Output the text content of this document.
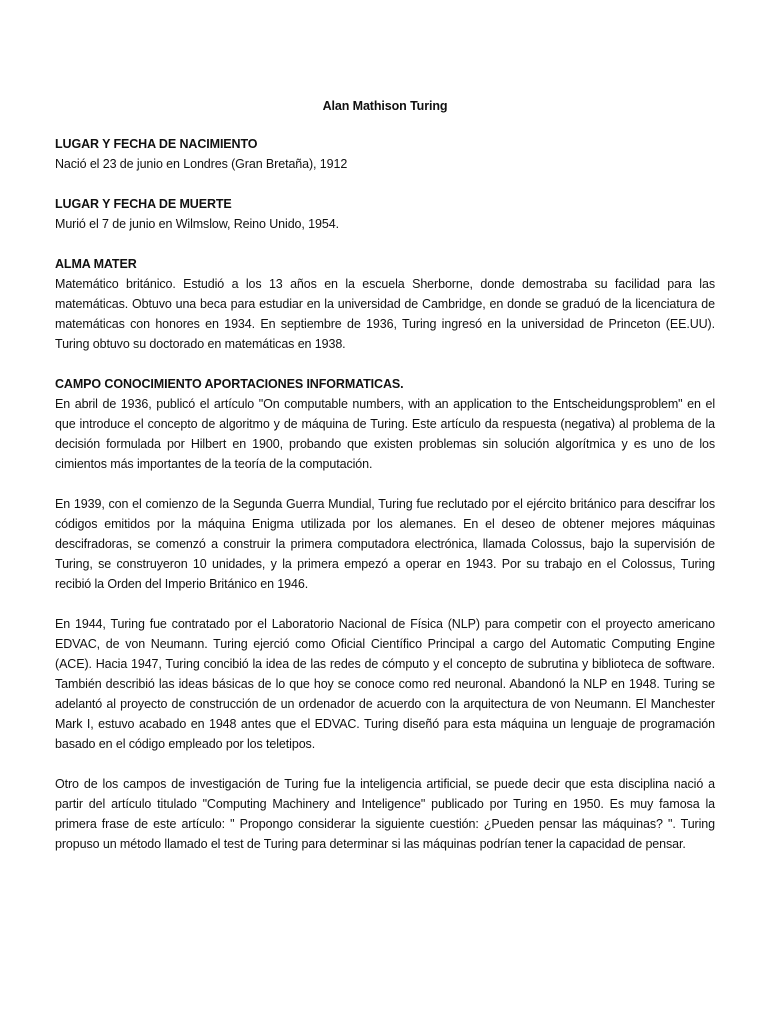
Alan Mathison Turing
LUGAR Y FECHA DE NACIMIENTO
Nació el 23 de junio en Londres (Gran Bretaña), 1912
LUGAR Y FECHA DE MUERTE
Murió el 7 de junio en Wilmslow, Reino Unido, 1954.
ALMA MATER
Matemático británico. Estudió a los 13 años en la escuela Sherborne, donde demostraba su facilidad para las matemáticas. Obtuvo una beca para estudiar en la universidad de Cambridge, en donde se graduó de la licenciatura de matemáticas con honores en 1934. En septiembre de 1936, Turing ingresó en la universidad de Princeton (EE.UU). Turing obtuvo su doctorado en matemáticas en 1938.
CAMPO CONOCIMIENTO APORTACIONES INFORMATICAS.
En abril de 1936, publicó el artículo "On computable numbers, with an application to the Entscheidungsproblem" en el que introduce el concepto de algoritmo y de máquina de Turing. Este artículo da respuesta (negativa) al problema de la decisión formulada por Hilbert en 1900, probando que existen problemas sin solución algorítmica y es uno de los cimientos más importantes de la teoría de la computación.
En 1939, con el comienzo de la Segunda Guerra Mundial, Turing fue reclutado por el ejército británico para descifrar los códigos emitidos por la máquina Enigma utilizada por los alemanes. En el deseo de obtener mejores máquinas descifradoras, se comenzó a construir la primera computadora electrónica, llamada Colossus, bajo la supervisión de Turing, se construyeron 10 unidades, y la primera empezó a operar en 1943. Por su trabajo en el Colossus, Turing recibió la Orden del Imperio Británico en 1946.
En 1944, Turing fue contratado por el Laboratorio Nacional de Física (NLP) para competir con el proyecto americano EDVAC, de von Neumann. Turing ejerció como Oficial Científico Principal a cargo del Automatic Computing Engine (ACE). Hacia 1947, Turing concibió la idea de las redes de cómputo y el concepto de subrutina y biblioteca de software. También describió las ideas básicas de lo que hoy se conoce como red neuronal. Abandonó la NLP en 1948. Turing se adelantó al proyecto de construcción de un ordenador de acuerdo con la arquitectura de von Neumann. El Manchester Mark I, estuvo acabado en 1948 antes que el EDVAC. Turing diseñó para esta máquina un lenguaje de programación basado en el código empleado por los teletipos.
Otro de los campos de investigación de Turing fue la inteligencia artificial, se puede decir que esta disciplina nació a partir del artículo titulado "Computing Machinery and Inteligence" publicado por Turing en 1950. Es muy famosa la primera frase de este artículo: " Propongo considerar la siguiente cuestión: ¿Pueden pensar las máquinas? ". Turing propuso un método llamado el test de Turing para determinar si las máquinas podrían tener la capacidad de pensar.
